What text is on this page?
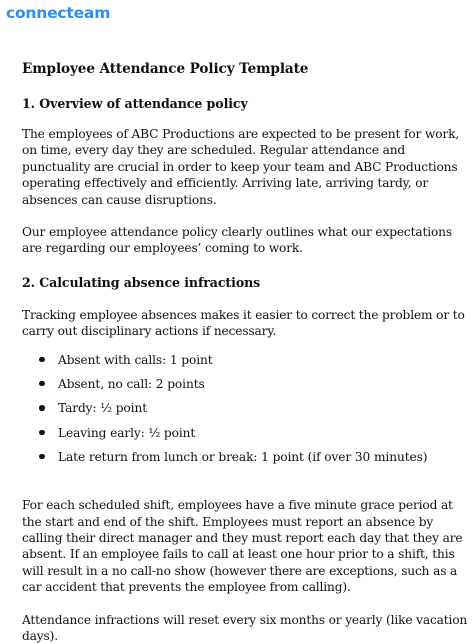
connecteam
Employee Attendance Policy Template
1. Overview of attendance policy

The employees of ABC Productions are expected to be present for work, on time, every day they are scheduled. Regular attendance and punctuality are crucial in order to keep your team and ABC Productions operating effectively and efficiently. Arriving late, arriving tardy, or absences can cause disruptions.

Our employee attendance policy clearly outlines what our expectations are regarding our employees’ coming to work.

2. Calculating absence infractions

Tracking employee absences makes it easier to correct the problem or to carry out disciplinary actions if necessary.

Absent with calls: 1 point
Absent, no call: 2 points
Tardy: ½ point
Leaving early: ½ point
Late return from lunch or break: 1 point (if over 30 minutes)

For each scheduled shift, employees have a five minute grace period at the start and end of the shift. Employees must report an absence by calling their direct manager and they must report each day that they are absent. If an employee fails to call at least one hour prior to a shift, this will result in a no call-no show (however there are exceptions, such as a car accident that prevents the employee from calling).

Attendance infractions will reset every six months or yearly (like vacation days).
